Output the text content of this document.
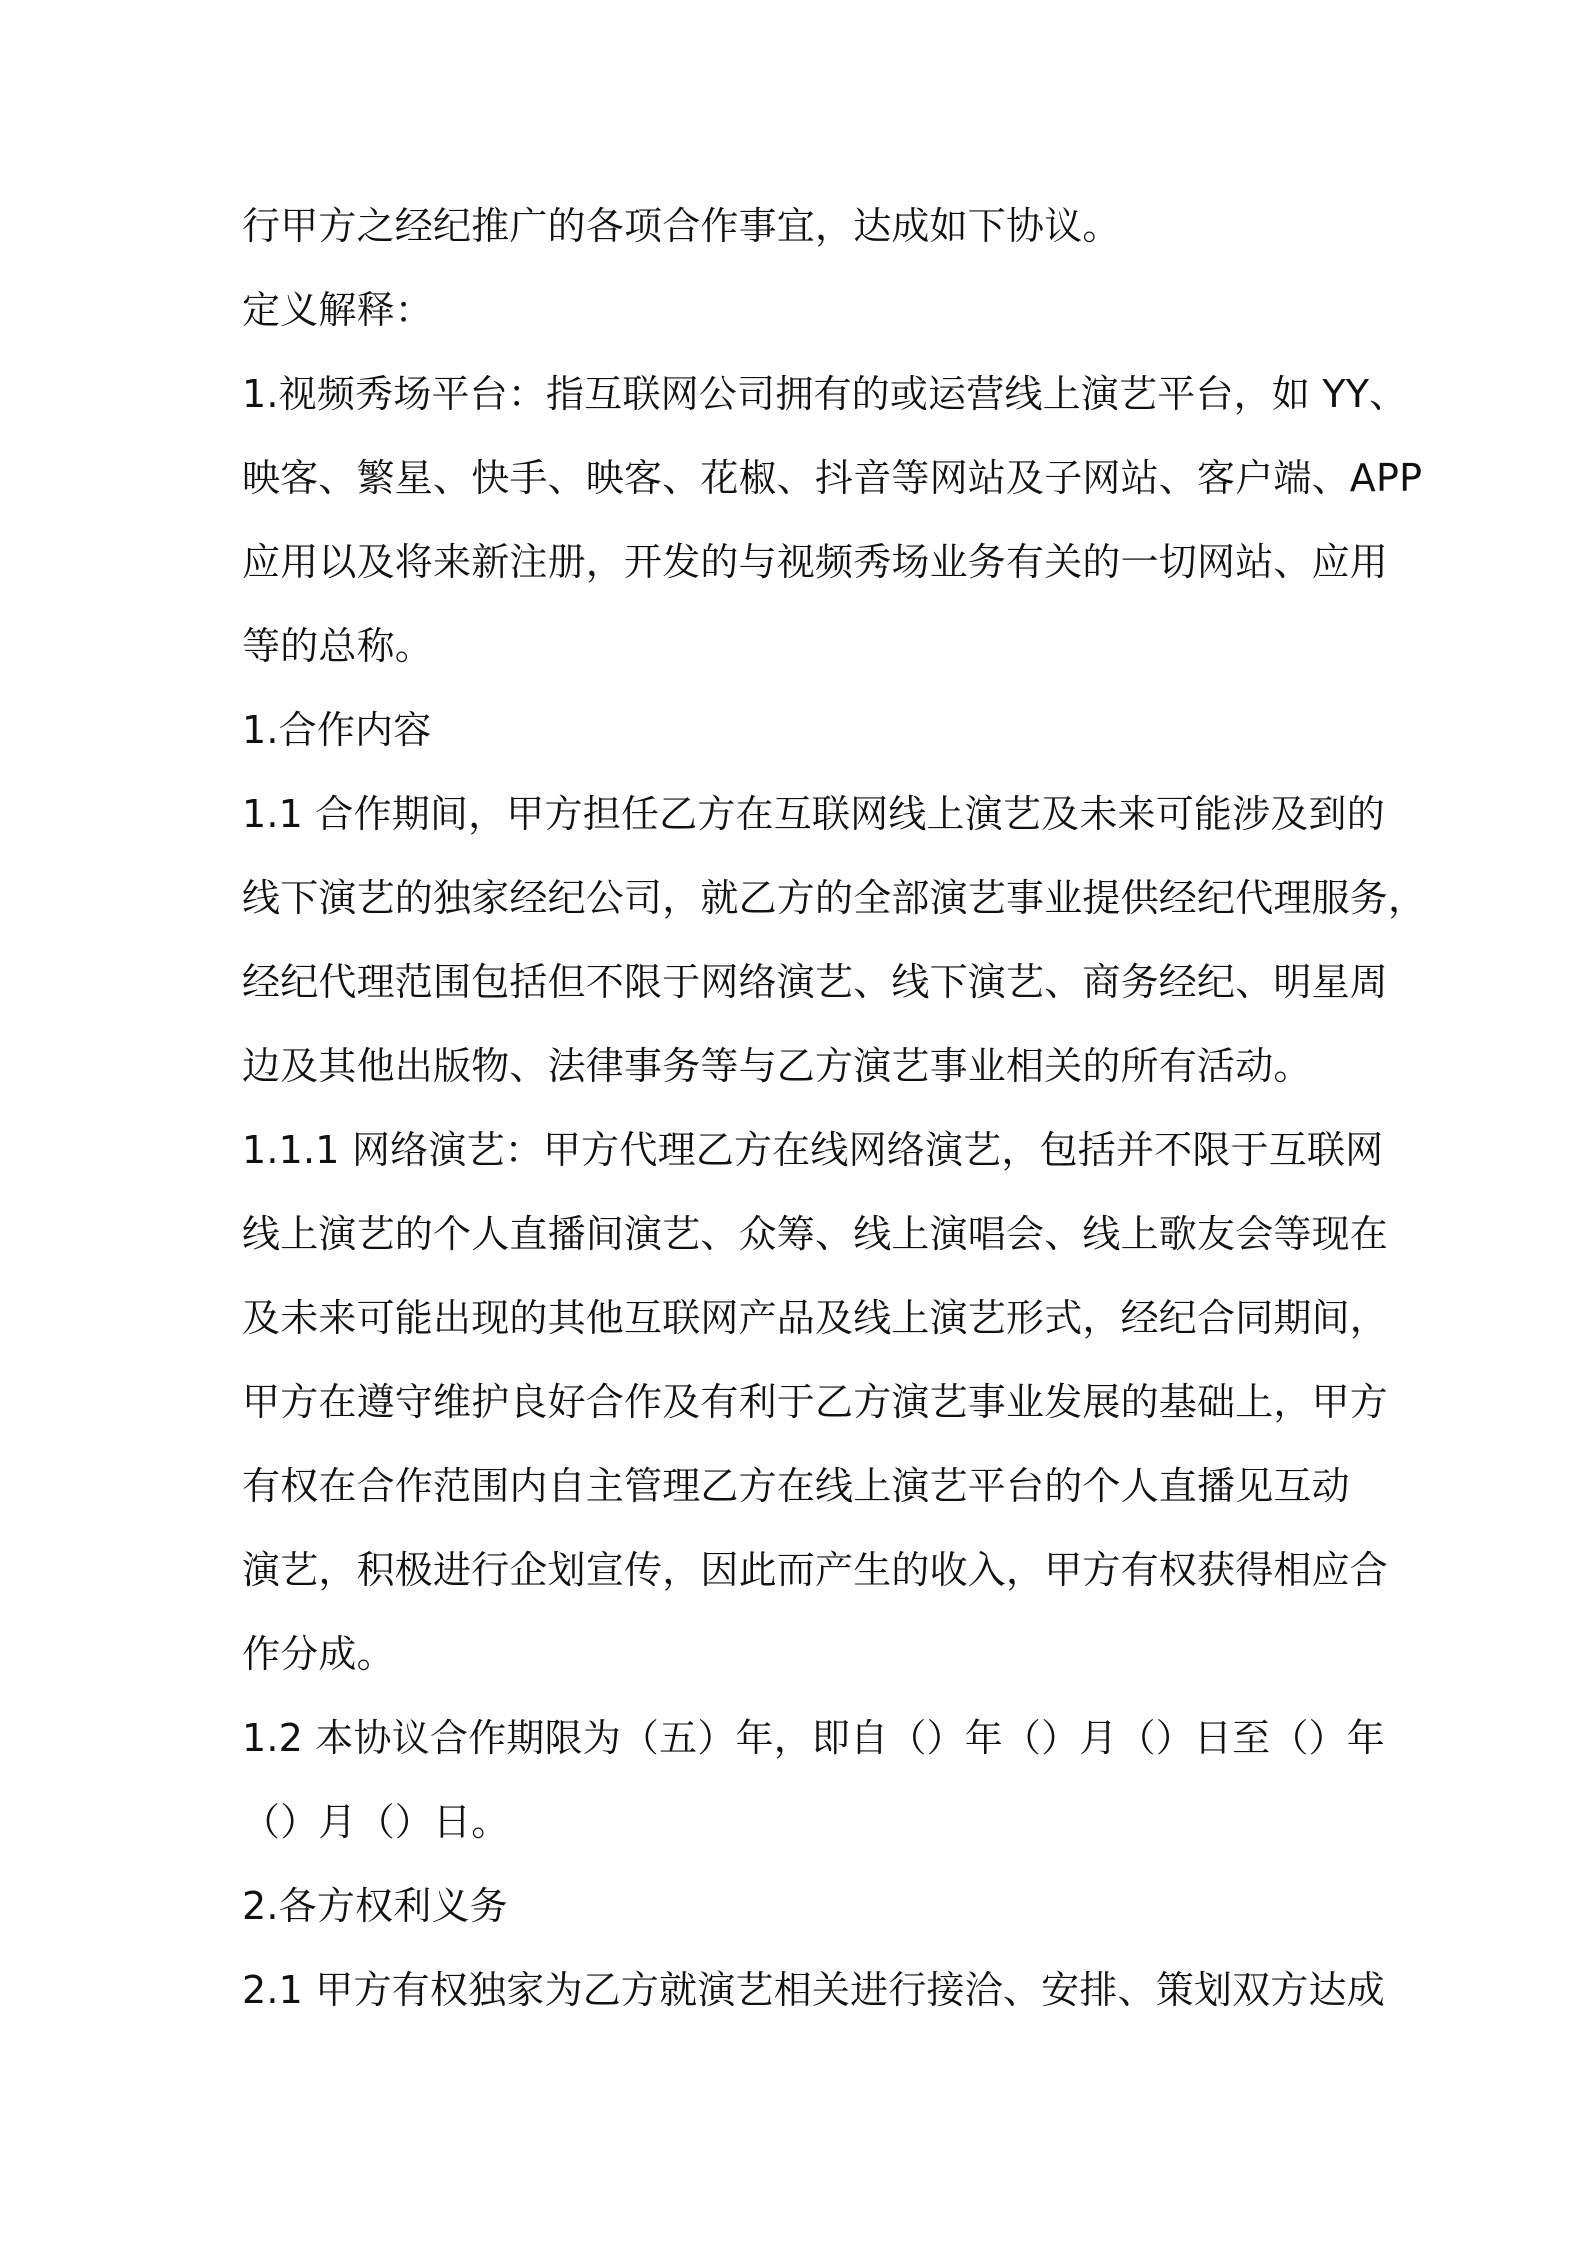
行甲方之经纪推广的各项合作事宜，达成如下协议。
定义解释：
1.视频秀场平台：指互联网公司拥有的或运营线上演艺平台，如 YY、
映客、繁星、快手、映客、花椒、抖音等网站及子网站、客户端、APP
应用以及将来新注册，开发的与视频秀场业务有关的一切网站、应用
等的总称。
1.合作内容
1.1 合作期间，甲方担任乙方在互联网线上演艺及未来可能涉及到的
线下演艺的独家经纪公司，就乙方的全部演艺事业提供经纪代理服务，
经纪代理范围包括但不限于网络演艺、线下演艺、商务经纪、明星周
边及其他出版物、法律事务等与乙方演艺事业相关的所有活动。
1.1.1 网络演艺：甲方代理乙方在线网络演艺，包括并不限于互联网
线上演艺的个人直播间演艺、众筹、线上演唱会、线上歌友会等现在
及未来可能出现的其他互联网产品及线上演艺形式，经纪合同期间，
甲方在遵守维护良好合作及有利于乙方演艺事业发展的基础上，甲方
有权在合作范围内自主管理乙方在线上演艺平台的个人直播见互动
演艺，积极进行企划宣传，因此而产生的收入，甲方有权获得相应合
作分成。
1.2 本协议合作期限为（五）年，即自（）年（）月（）日至（）年
（）月（）日。
2.各方权利义务
2.1 甲方有权独家为乙方就演艺相关进行接洽、安排、策划双方达成
